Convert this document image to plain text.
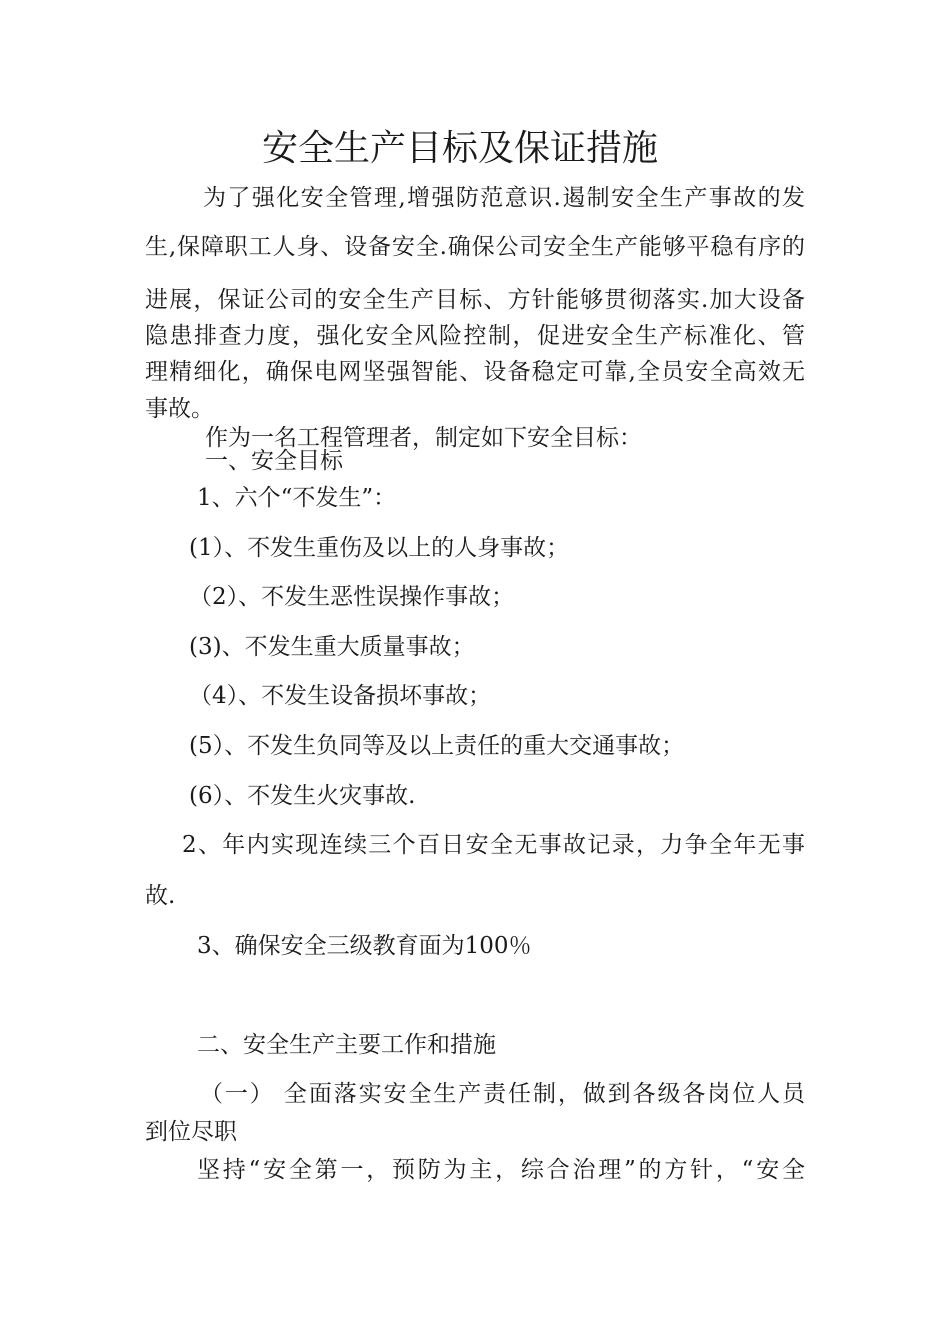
安全生产目标及保证措施

为了强化安全管理,增强防范意识.遏制安全生产事故的发

生,保障职工人身、设备安全.确保公司安全生产能够平稳有序的

进展，保证公司的安全生产目标、方针能够贯彻落实.加大设备

隐患排查力度，强化安全风险控制，促进安全生产标准化、管

理精细化，确保电网坚强智能、设备稳定可靠,全员安全高效无

事故。

作为一名工程管理者，制定如下安全目标：

一、安全目标

1、六个“不发生”：

(1）、不发生重伤及以上的人身事故；

（2）、不发生恶性误操作事故；

(3)、不发生重大质量事故；

（4）、不发生设备损坏事故；

(5）、不发生负同等及以上责任的重大交通事故；

(6）、不发生火灾事故.

2、年内实现连续三个百日安全无事故记录，力争全年无事

故.

3、确保安全三级教育面为100％

二、安全生产主要工作和措施

（一） 全面落实安全生产责任制，做到各级各岗位人员

到位尽职

坚持“安全第一，预防为主，综合治理”的方针，“安全
